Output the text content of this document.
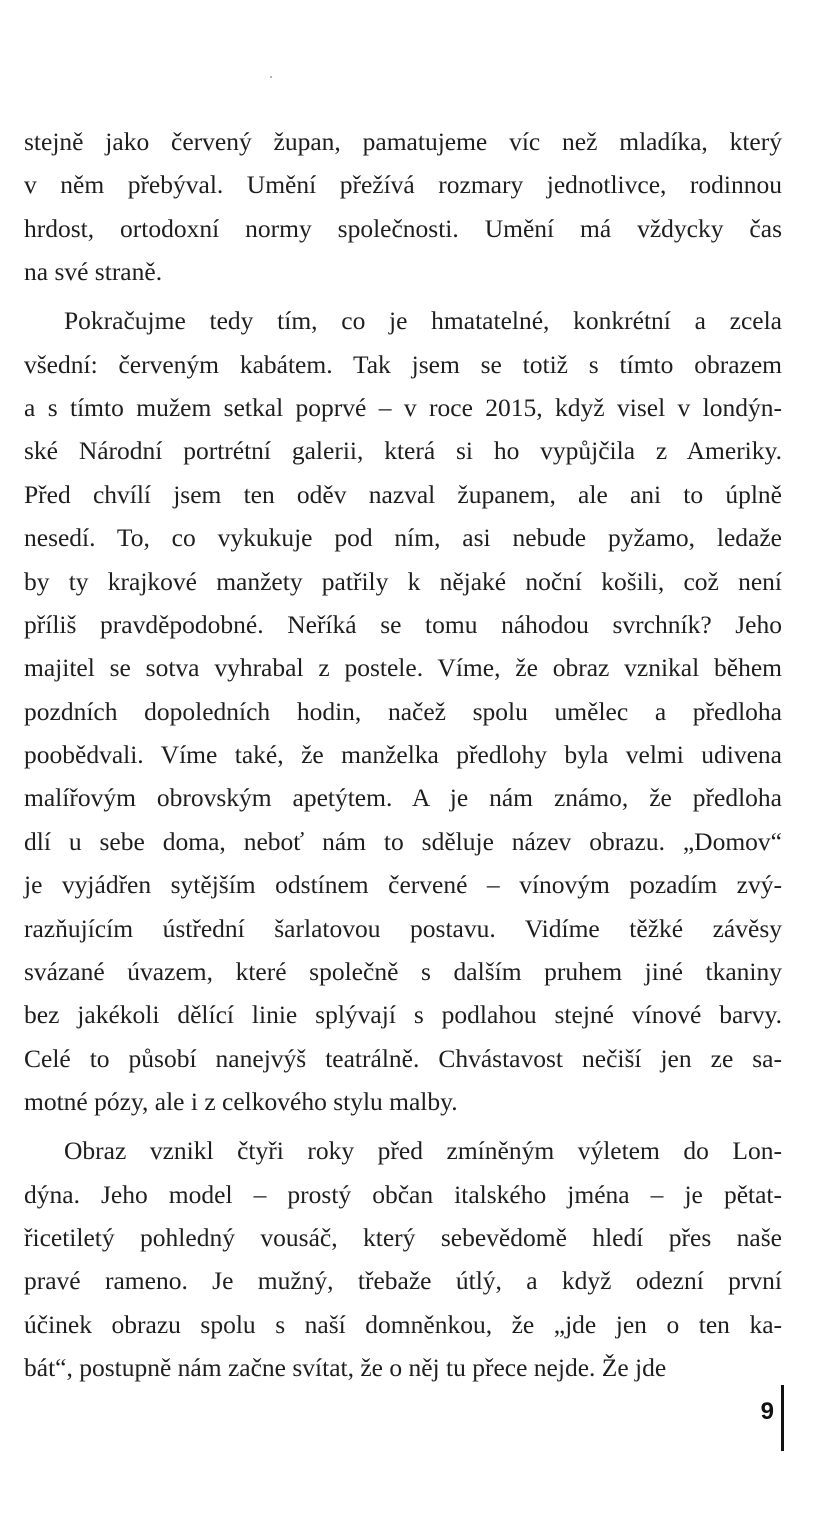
stejně jako červený župan, pamatujeme víc než mladíka, který
v něm přebýval. Umění přežívá rozmary jednotlivce, rodinnou
hrdost, ortodoxní normy společnosti. Umění má vždycky čas
na své straně.
Pokračujme tedy tím, co je hmatatelné, konkrétní a zcela
všední: červeným kabátem. Tak jsem se totiž s tímto obrazem
a s tímto mužem setkal poprvé – v roce 2015, když visel v londýn-
ské Národní portrétní galerii, která si ho vypůjčila z Ameriky.
Před chvílí jsem ten oděv nazval županem, ale ani to úplně
nesedí. To, co vykukuje pod ním, asi nebude pyžamo, ledaže
by ty krajkové manžety patřily k nějaké noční košili, což není
příliš pravděpodobné. Neříká se tomu náhodou svrchník? Jeho
majitel se sotva vyhrabal z postele. Víme, že obraz vznikal během
pozdních dopoledních hodin, načež spolu umělec a předloha
poobědvali. Víme také, že manželka předlohy byla velmi udivena
malířovým obrovským apetýtem. A je nám známo, že předloha
dlí u sebe doma, neboť nám to sděluje název obrazu. „Domov“
je vyjádřen sytějším odstínem červené – vínovým pozadím zvý-
razňujícím ústřední šarlatovou postavu. Vidíme těžké závěsy
svázané úvazem, které společně s dalším pruhem jiné tkaniny
bez jakékoli dělící linie splývají s podlahou stejné vínové barvy.
Celé to působí nanejvýš teatrálně. Chvástavost nečiší jen ze sa-
motné pózy, ale i z celkového stylu malby.
Obraz vznikl čtyři roky před zmíněným výletem do Lon-
dýna. Jeho model – prostý občan italského jména – je pětat-
řicetiletý pohledný vousáč, který sebevědomě hledí přes naše
pravé rameno. Je mužný, třebaže útlý, a když odezní první
účinek obrazu spolu s naší domněnkou, že „jde jen o ten ka-
bát“, postupně nám začne svítat, že o něj tu přece nejde. Že jde
9
